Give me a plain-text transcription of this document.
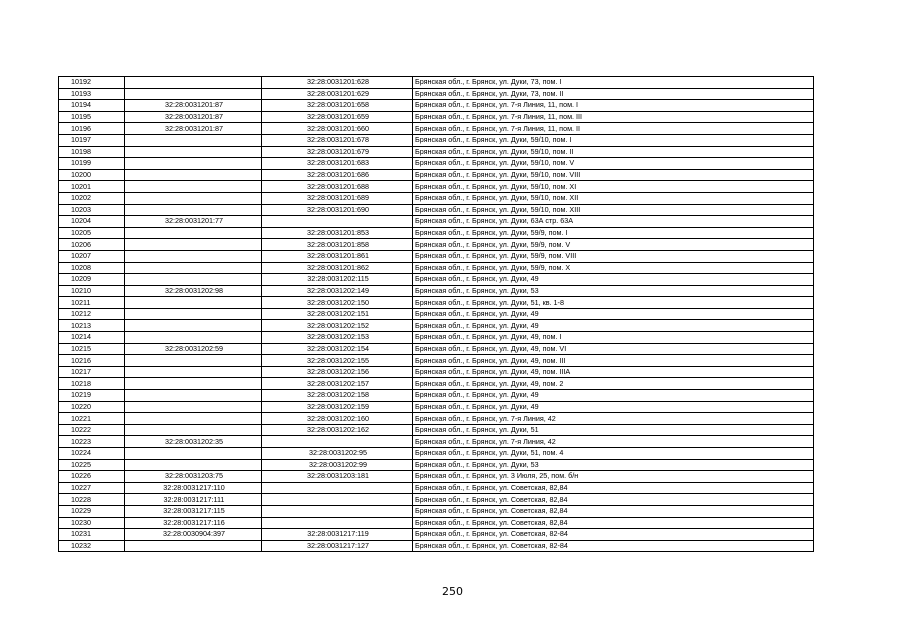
10192		32:28:0031201:628	Брянская обл., г. Брянск, ул. Дуки, 73, пом. I
10193		32:28:0031201:629	Брянская обл., г. Брянск, ул. Дуки, 73, пом. II
10194	32:28:0031201:87	32:28:0031201:658	Брянская обл., г. Брянск, ул. 7-я Линия, 11, пом. I
10195	32:28:0031201:87	32:28:0031201:659	Брянская обл., г. Брянск, ул. 7-я Линия, 11, пом. III
10196	32:28:0031201:87	32:28:0031201:660	Брянская обл., г. Брянск, ул. 7-я Линия, 11, пом. II
10197		32:28:0031201:678	Брянская обл., г. Брянск, ул. Дуки, 59/10, пом. I
10198		32:28:0031201:679	Брянская обл., г. Брянск, ул. Дуки, 59/10, пом. II
10199		32:28:0031201:683	Брянская обл., г. Брянск, ул. Дуки, 59/10, пом. V
10200		32:28:0031201:686	Брянская обл., г. Брянск, ул. Дуки, 59/10, пом. VIII
10201		32:28:0031201:688	Брянская обл., г. Брянск, ул. Дуки, 59/10, пом. XI
10202		32:28:0031201:689	Брянская обл., г. Брянск, ул. Дуки, 59/10, пом. XII
10203		32:28:0031201:690	Брянская обл., г. Брянск, ул. Дуки, 59/10, пом. XIII
10204	32:28:0031201:77		Брянская обл., г. Брянск, ул. Дуки, 63А стр. 63А
10205		32:28:0031201:853	Брянская обл., г. Брянск, ул. Дуки, 59/9, пом. I
10206		32:28:0031201:858	Брянская обл., г. Брянск, ул. Дуки, 59/9, пом. V
10207		32:28:0031201:861	Брянская обл., г. Брянск, ул. Дуки, 59/9, пом. VIII
10208		32:28:0031201:862	Брянская обл., г. Брянск, ул. Дуки, 59/9, пом. X
10209		32:28:0031202:115	Брянская обл., г. Брянск, ул. Дуки, 49
10210	32:28:0031202:98	32:28:0031202:149	Брянская обл., г. Брянск, ул. Дуки, 53
10211		32:28:0031202:150	Брянская обл., г. Брянск, ул. Дуки, 51, кв. 1-8
10212		32:28:0031202:151	Брянская обл., г. Брянск, ул. Дуки, 49
10213		32:28:0031202:152	Брянская обл., г. Брянск, ул. Дуки, 49
10214		32:28:0031202:153	Брянская обл., г. Брянск, ул. Дуки, 49, пом. I
10215	32:28:0031202:59	32:28:0031202:154	Брянская обл., г. Брянск, ул. Дуки, 49, пом. VI
10216		32:28:0031202:155	Брянская обл., г. Брянск, ул. Дуки, 49, пом. III
10217		32:28:0031202:156	Брянская обл., г. Брянск, ул. Дуки, 49, пом. IIIА
10218		32:28:0031202:157	Брянская обл., г. Брянск, ул. Дуки, 49, пом. 2
10219		32:28:0031202:158	Брянская обл., г. Брянск, ул. Дуки, 49
10220		32:28:0031202:159	Брянская обл., г. Брянск, ул. Дуки, 49
10221		32:28:0031202:160	Брянская обл., г. Брянск, ул. 7-я Линия, 42
10222		32:28:0031202:162	Брянская обл., г. Брянск, ул. Дуки, 51
10223	32:28:0031202:35		Брянская обл., г. Брянск, ул. 7-я Линия, 42
10224		32:28:0031202:95	Брянская обл., г. Брянск, ул. Дуки, 51, пом. 4
10225		32:28:0031202:99	Брянская обл., г. Брянск, ул. Дуки, 53
10226	32:28:0031203:75	32:28:0031203:181	Брянская обл., г. Брянск, ул. 3 Июля, 25, пом. б/н
10227	32:28:0031217:110		Брянская обл., г. Брянск, ул. Советская, 82,84
10228	32:28:0031217:111		Брянская обл., г. Брянск, ул. Советская, 82,84
10229	32:28:0031217:115		Брянская обл., г. Брянск, ул. Советская, 82,84
10230	32:28:0031217:116		Брянская обл., г. Брянск, ул. Советская, 82,84
10231	32:28:0030904:397	32:28:0031217:119	Брянская обл., г. Брянск, ул. Советская, 82-84
10232		32:28:0031217:127	Брянская обл., г. Брянск, ул. Советская, 82-84
250
